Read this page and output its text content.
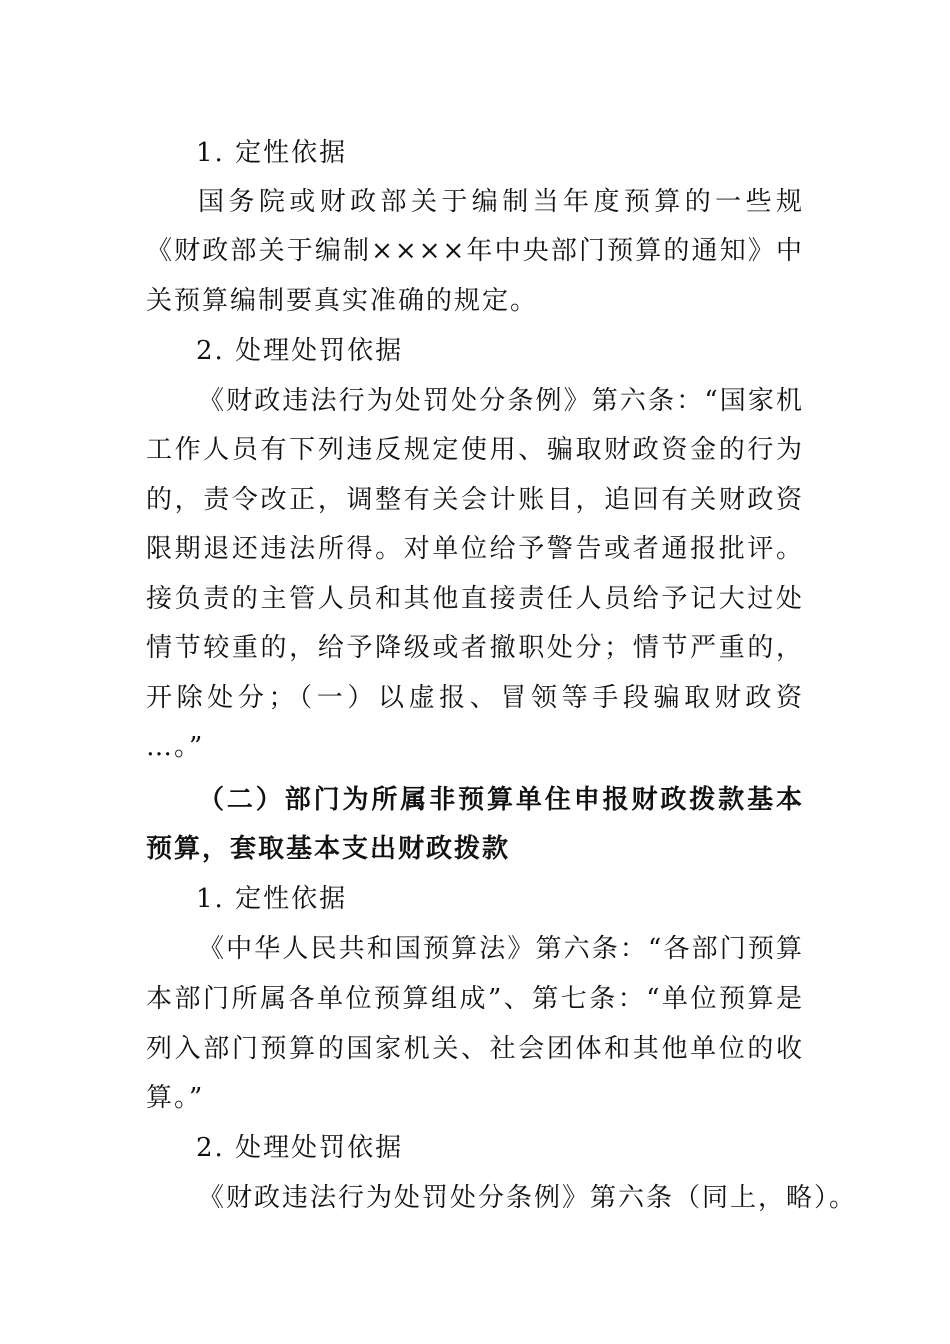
1. 定性依据
国务院或财政部关于编制当年度预算的一些规
《财政部关于编制××××年中央部门预算的通知》中
关预算编制要真实准确的规定。
2. 处理处罚依据
《财政违法行为处罚处分条例》第六条：“国家机
工作人员有下列违反规定使用、骗取财政资金的行为
的，责令改正，调整有关会计账目，追回有关财政资
限期退还违法所得。对单位给予警告或者通报批评。
接负责的主管人员和其他直接责任人员给予记大过处
情节较重的，给予降级或者撤职处分；情节严重的，
开除处分；（一）以虚报、冒领等手段骗取财政资
…。”
（二）部门为所属非预算单住申报财政拨款基本
预算，套取基本支出财政拨款
1. 定性依据
《中华人民共和国预算法》第六条：“各部门预算
本部门所属各单位预算组成”、第七条：“单位预算是
列入部门预算的国家机关、社会团体和其他单位的收
算。”
2. 处理处罚依据
《财政违法行为处罚处分条例》第六条（同上，略）。
